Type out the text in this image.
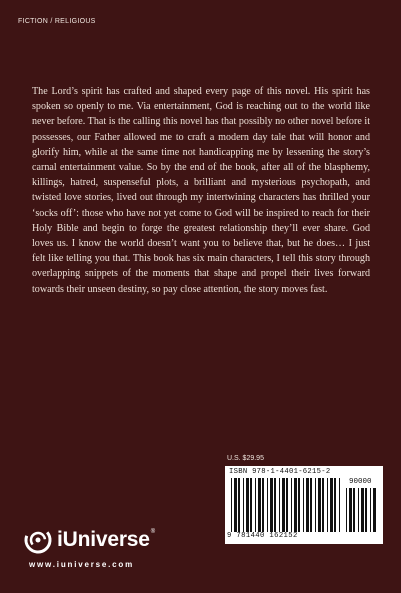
FICTION / RELIGIOUS
The Lord’s spirit has crafted and shaped every page of this novel. His spirit has spoken so openly to me. Via entertainment, God is reaching out to the world like never before. That is the calling this novel has that possibly no other novel before it possesses, our Father allowed me to craft a modern day tale that will honor and glorify him, while at the same time not handicapping me by lessening the story’s carnal entertainment value. So by the end of the book, after all of the blasphemy, killings, hatred, suspenseful plots, a brilliant and mysterious psychopath, and twisted love stories, lived out through my intertwining characters has thrilled your ‘socks off’: those who have not yet come to God will be inspired to reach for their Holy Bible and begin to forge the greatest relationship they’ll ever share. God loves us. I know the world doesn’t want you to believe that, but he does… I just felt like telling you that. This book has six main characters, I tell this story through overlapping snippets of the moments that shape and propel their lives forward towards their unseen destiny, so pay close attention, the story moves fast.
U.S. $29.95
ISBN 978-1-4401-6215-2
90000
9 781440 162152
iUniverse ®
www.iuniverse.com
